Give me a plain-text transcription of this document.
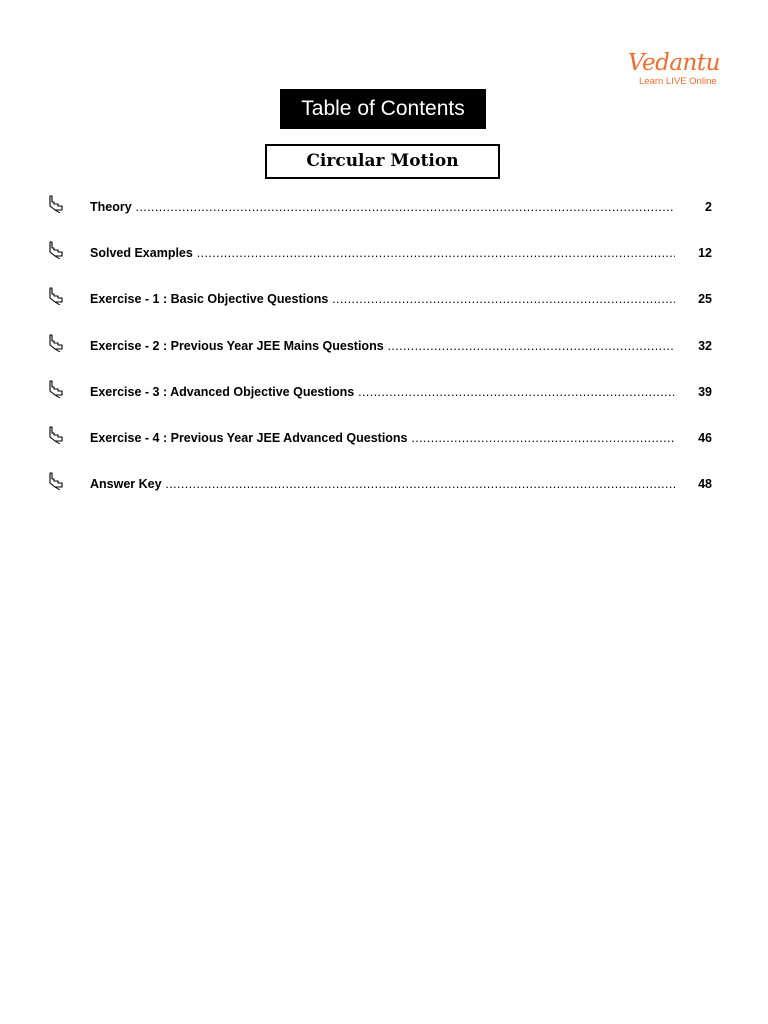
Vedantu
Learn LIVE Online
Table of Contents
Circular Motion
Theory .....	2
Solved Examples .....	12
Exercise - 1 : Basic Objective Questions .....	25
Exercise - 2 : Previous Year JEE Mains Questions .....	32
Exercise - 3 : Advanced Objective Questions .....	39
Exercise - 4 : Previous Year JEE Advanced Questions .....	46
Answer Key .....	48
